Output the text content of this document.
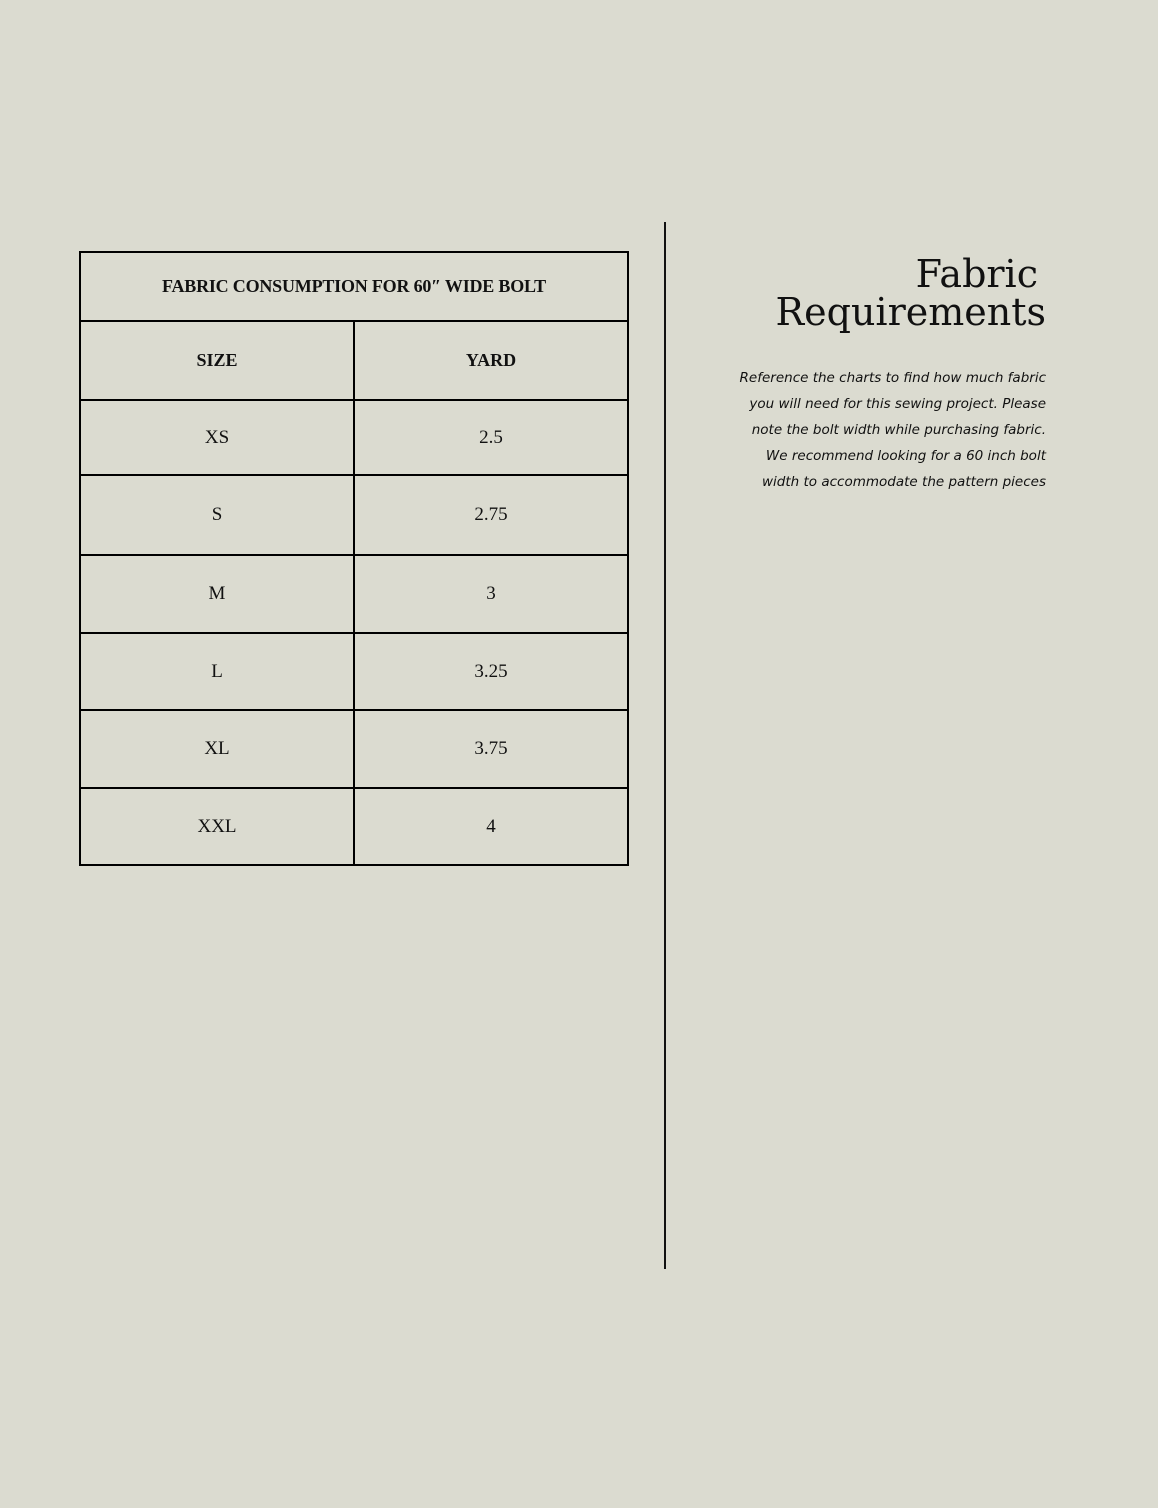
FABRIC CONSUMPTION FOR 60″ WIDE BOLT	
SIZE	YARD
XS	2.5
S	2.75
M	3
L	3.25
XL	3.75
XXL	4
Fabric
Requirements

Reference the charts to find how much fabric
you will need for this sewing project. Please
note the bolt width while purchasing fabric.
We recommend looking for a 60 inch bolt
width to accommodate the pattern pieces
